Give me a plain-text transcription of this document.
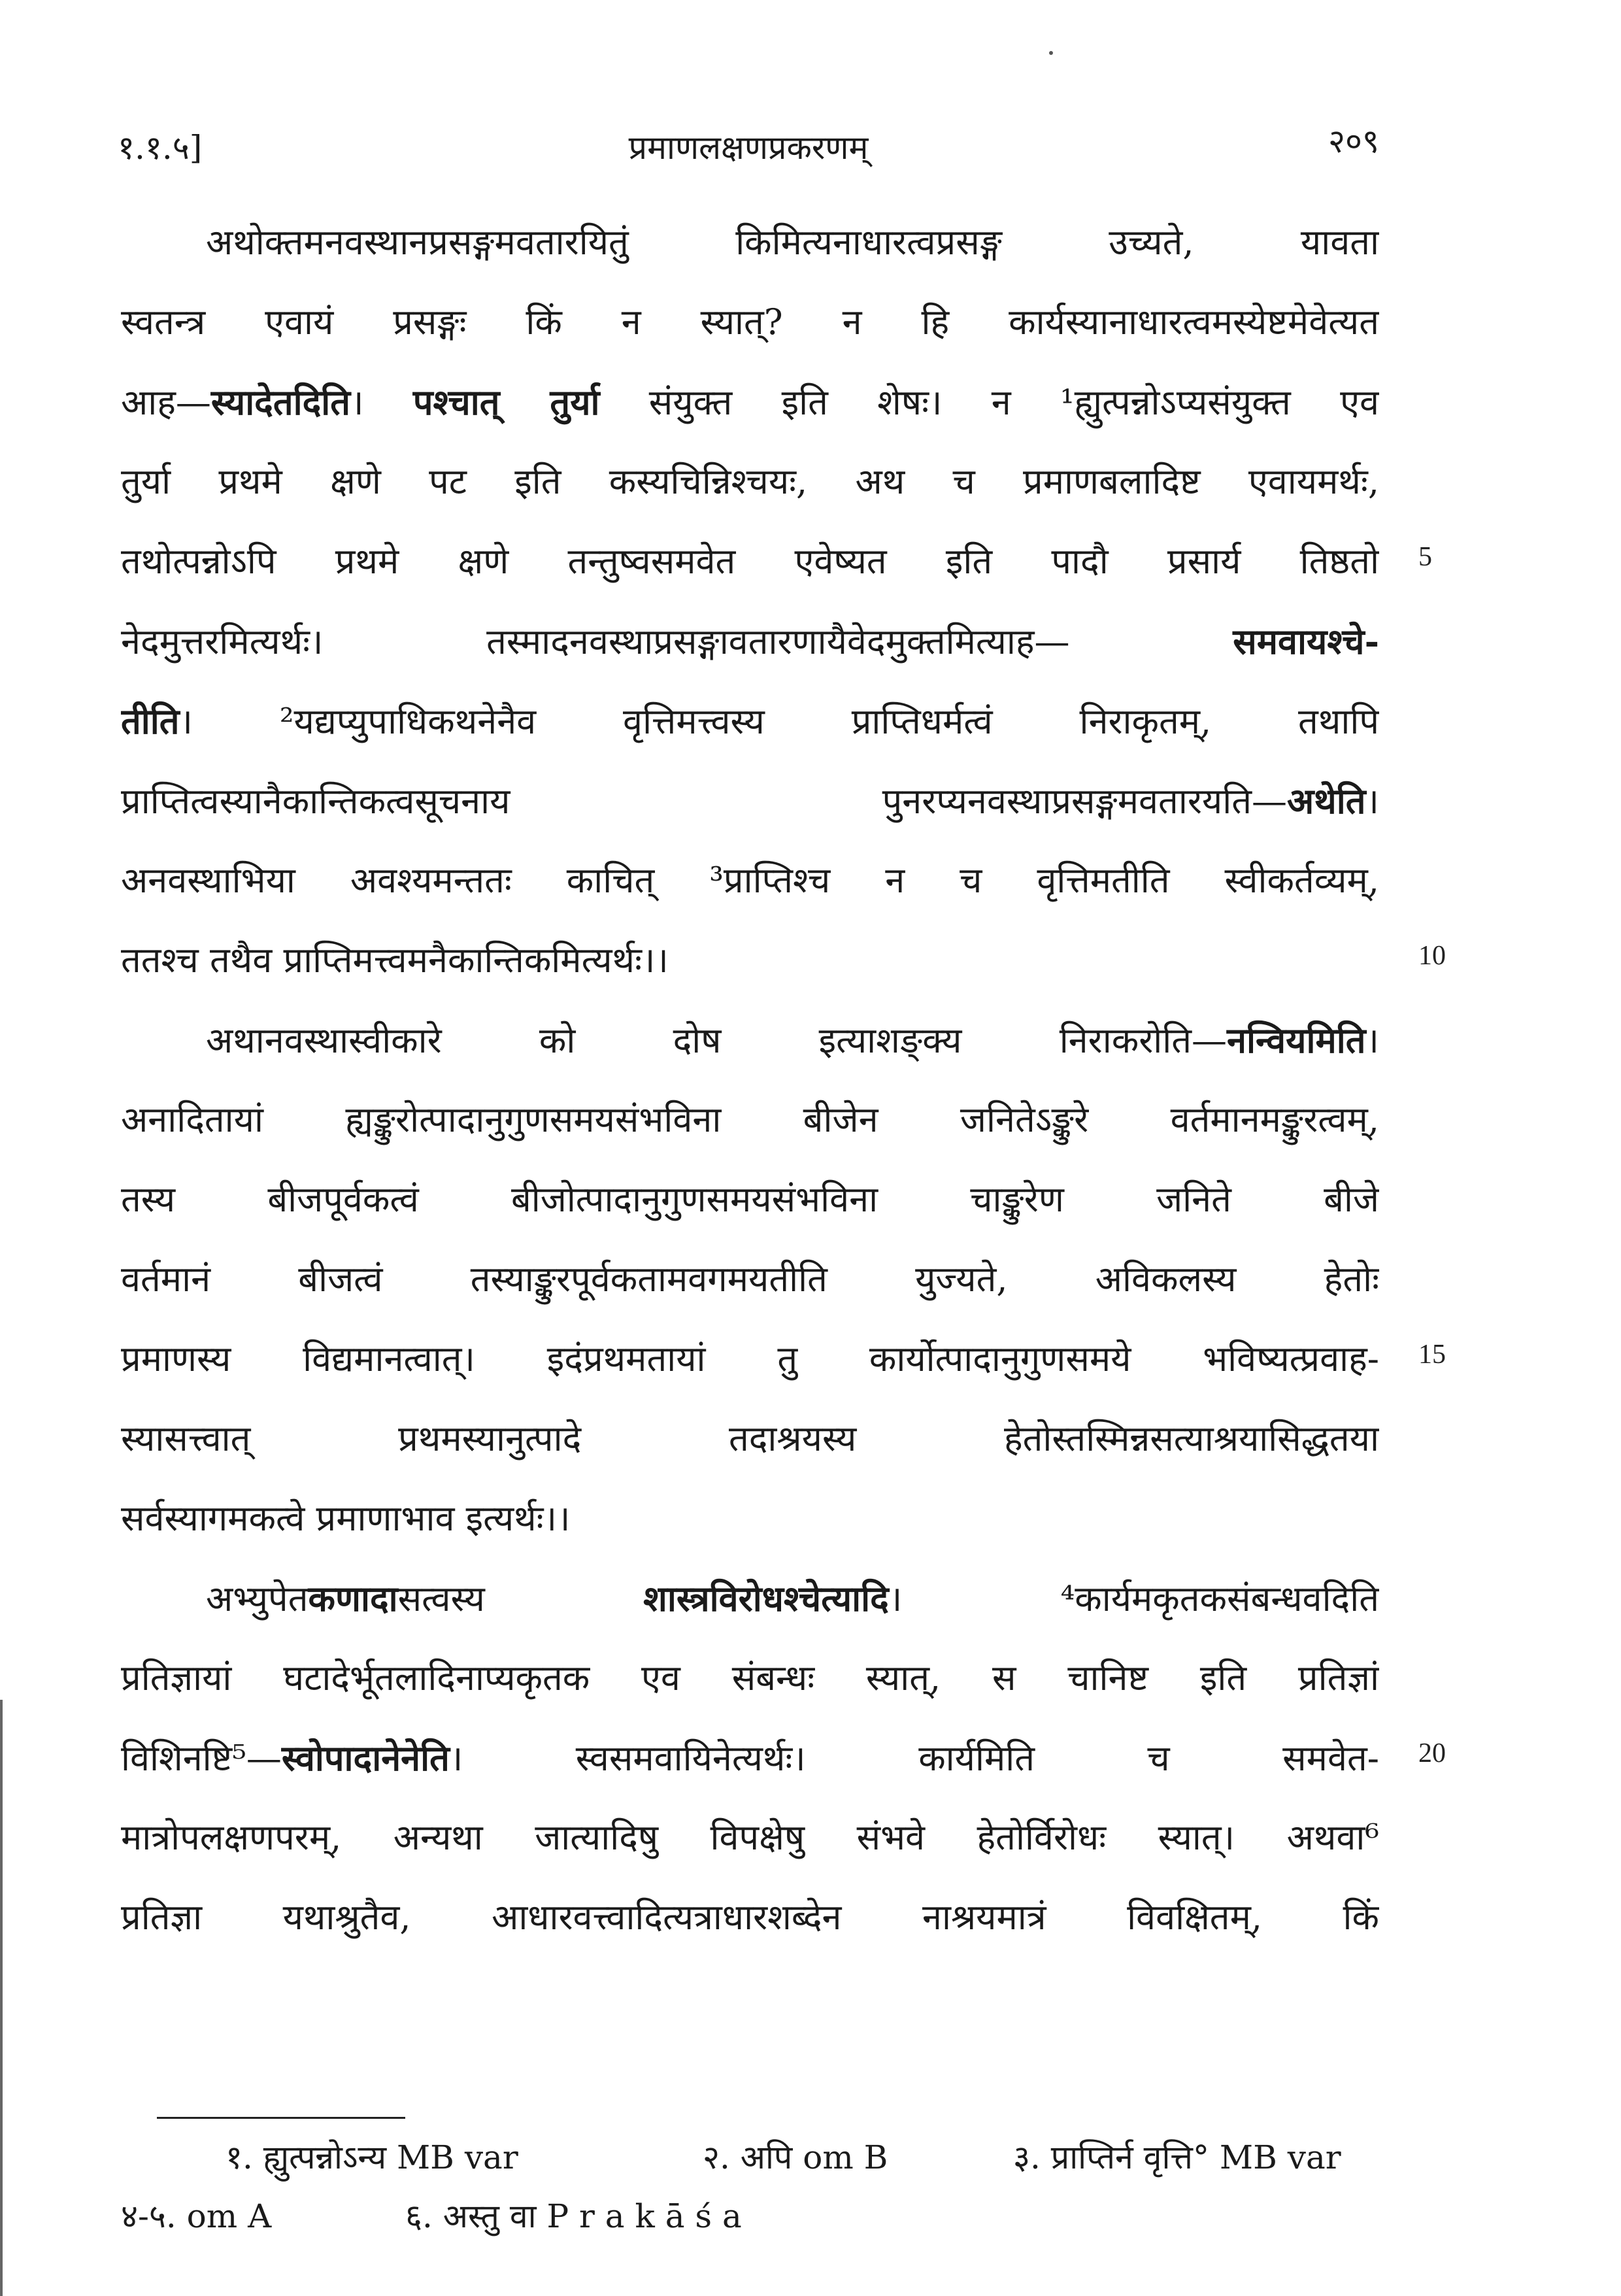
१.१.५]	प्रमाणलक्षणप्रकरणम्	२०९
अथोक्तमनवस्थानप्रसङ्गमवतारयितुं किमित्यनाधारत्वप्रसङ्ग उच्यते, यावता
स्वतन्त्र एवायं प्रसङ्गः किं न स्यात्? न हि कार्यस्यानाधारत्वमस्येष्टमेवेत्यत
आह—स्यादेतदिति। पश्चात् तुर्या संयुक्त इति शेषः। न ¹ह्युत्पन्नोऽप्यसंयुक्त एव
तुर्या प्रथमे क्षणे पट इति कस्यचिन्निश्चयः, अथ च प्रमाणबलादिष्ट एवायमर्थः,
तथोत्पन्नोऽपि प्रथमे क्षणे तन्तुष्वसमवेत एवेष्यत इति पादौ प्रसार्य तिष्ठतो
नेदमुत्तरमित्यर्थः। तस्मादनवस्थाप्रसङ्गावतारणायैवेदमुक्तमित्याह— समवायश्चे-
तीति। ²यद्यप्युपाधिकथनेनैव वृत्तिमत्त्वस्य प्राप्तिधर्मत्वं निराकृतम्, तथापि
प्राप्तित्वस्यानैकान्तिकत्वसूचनाय पुनरप्यनवस्थाप्रसङ्गमवतारयति—अथेति।
अनवस्थाभिया अवश्यमन्ततः काचित् ³प्राप्तिश्च न च वृत्तिमतीति स्वीकर्तव्यम्,
ततश्च तथैव प्राप्तिमत्त्वमनैकान्तिकमित्यर्थः।।
अथानवस्थास्वीकारे को दोष इत्याशङ्क्य निराकरोति—नन्वियमिति।
अनादितायां ह्यङ्कुरोत्पादानुगुणसमयसंभविना बीजेन जनितेऽङ्कुरे वर्तमानमङ्कुरत्वम्,
तस्य बीजपूर्वकत्वं बीजोत्पादानुगुणसमयसंभविना चाङ्कुरेण जनिते बीजे
वर्तमानं बीजत्वं तस्याङ्कुरपूर्वकतामवगमयतीति युज्यते, अविकलस्य हेतोः
प्रमाणस्य विद्यमानत्वात्। इदंप्रथमतायां तु कार्योत्पादानुगुणसमये भविष्यत्प्रवाह-
स्यासत्त्वात् प्रथमस्यानुत्पादे तदाश्रयस्य हेतोस्तस्मिन्नसत्याश्रयासिद्धतया
सर्वस्यागमकत्वे प्रमाणाभाव इत्यर्थः।।
अभ्युपेतकणादासत्वस्य शास्त्रविरोधश्चेत्यादि। ⁴कार्यमकृतकसंबन्धवदिति
प्रतिज्ञायां घटादेर्भूतलादिनाप्यकृतक एव संबन्धः स्यात्, स चानिष्ट इति प्रतिज्ञां
विशिनष्टि⁵—स्वोपादानेनेति। स्वसमवायिनेत्यर्थः। कार्यमिति च समवेत-
मात्रोपलक्षणपरम्, अन्यथा जात्यादिषु विपक्षेषु संभवे हेतोर्विरोधः स्यात्। अथवा⁶
प्रतिज्ञा यथाश्रुतैव, आधारवत्त्वादित्यत्राधारशब्देन नाश्रयमात्रं विवक्षितम्, किं
5
10
15
20
१. ह्युत्पन्नोऽन्य MB var	२. अपि om B	३. प्राप्तिर्न वृत्ति° MB var
४-५. om A	६. अस्तु वा P r a k ā ś a
